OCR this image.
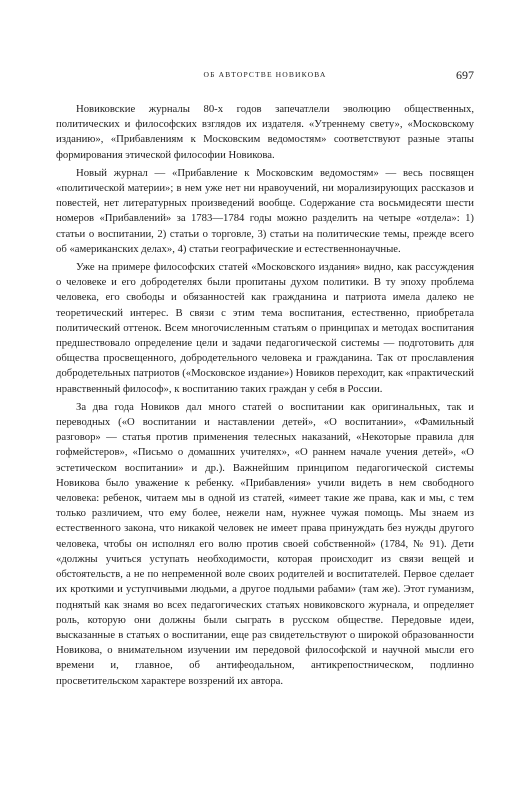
ОБ АВТОРСТВЕ НОВИКОВА	697

Новиковские журналы 80-х годов запечатлели эволюцию общественных, политических и философских взглядов их издателя. «Утреннему свету», «Московскому изданию», «Прибавлениям к Московским ведомостям» соответствуют разные этапы формирования этической философии Новикова.

Новый журнал — «Прибавление к Московским ведомостям» — весь посвящен «политической материи»; в нем уже нет ни нравоучений, ни морализирующих рассказов и повестей, нет литературных произведений вообще. Содержание ста восьмидесяти шести номеров «Прибавлений» за 1783—1784 годы можно разделить на четыре «отдела»: 1) статьи о воспитании, 2) статьи о торговле, 3) статьи на политические темы, прежде всего об «американских делах», 4) статьи географические и естественнонаучные.

Уже на примере философских статей «Московского издания» видно, как рассуждения о человеке и его добродетелях были пропитаны духом политики. В ту эпоху проблема человека, его свободы и обязанностей как гражданина и патриота имела далеко не теоретический интерес. В связи с этим тема воспитания, естественно, приобретала политический оттенок. Всем многочисленным статьям о принципах и методах воспитания предшествовало определение цели и задачи педагогической системы — подготовить для общества просвещенного, добродетельного человека и гражданина. Так от прославления добродетельных патриотов («Московское издание») Новиков переходит, как «практический нравственный философ», к воспитанию таких граждан у себя в России.

За два года Новиков дал много статей о воспитании как оригинальных, так и переводных («О воспитании и наставлении детей», «О воспитании», «Фамильный разговор» — статья против применения телесных наказаний, «Некоторые правила для гофмейстеров», «Письмо о домашних учителях», «О раннем начале учения детей», «О эстетическом воспитании» и др.). Важнейшим принципом педагогической системы Новикова было уважение к ребенку. «Прибавления» учили видеть в нем свободного человека: ребенок, читаем мы в одной из статей, «имеет такие же права, как и мы, с тем только различием, что ему более, нежели нам, нужнее чужая помощь. Мы знаем из естественного закона, что никакой человек не имеет права принуждать без нужды другого человека, чтобы он исполнял его волю против своей собственной» (1784, № 91). Дети «должны учиться уступать необходимости, которая происходит из связи вещей и обстоятельств, а не по непременной воле своих родителей и воспитателей. Первое сделает их кроткими и уступчивыми людьми, а другое подлыми рабами» (там же). Этот гуманизм, поднятый как знамя во всех педагогических статьях новиковского журнала, и определяет роль, которую они должны были сыграть в русском обществе. Передовые идеи, высказанные в статьях о воспитании, еще раз свидетельствуют о широкой образованности Новикова, о внимательном изучении им передовой философской и научной мысли его времени и, главное, об антифеодальном, антикрепостническом, подлинно просветительском характере воззрений их автора.
